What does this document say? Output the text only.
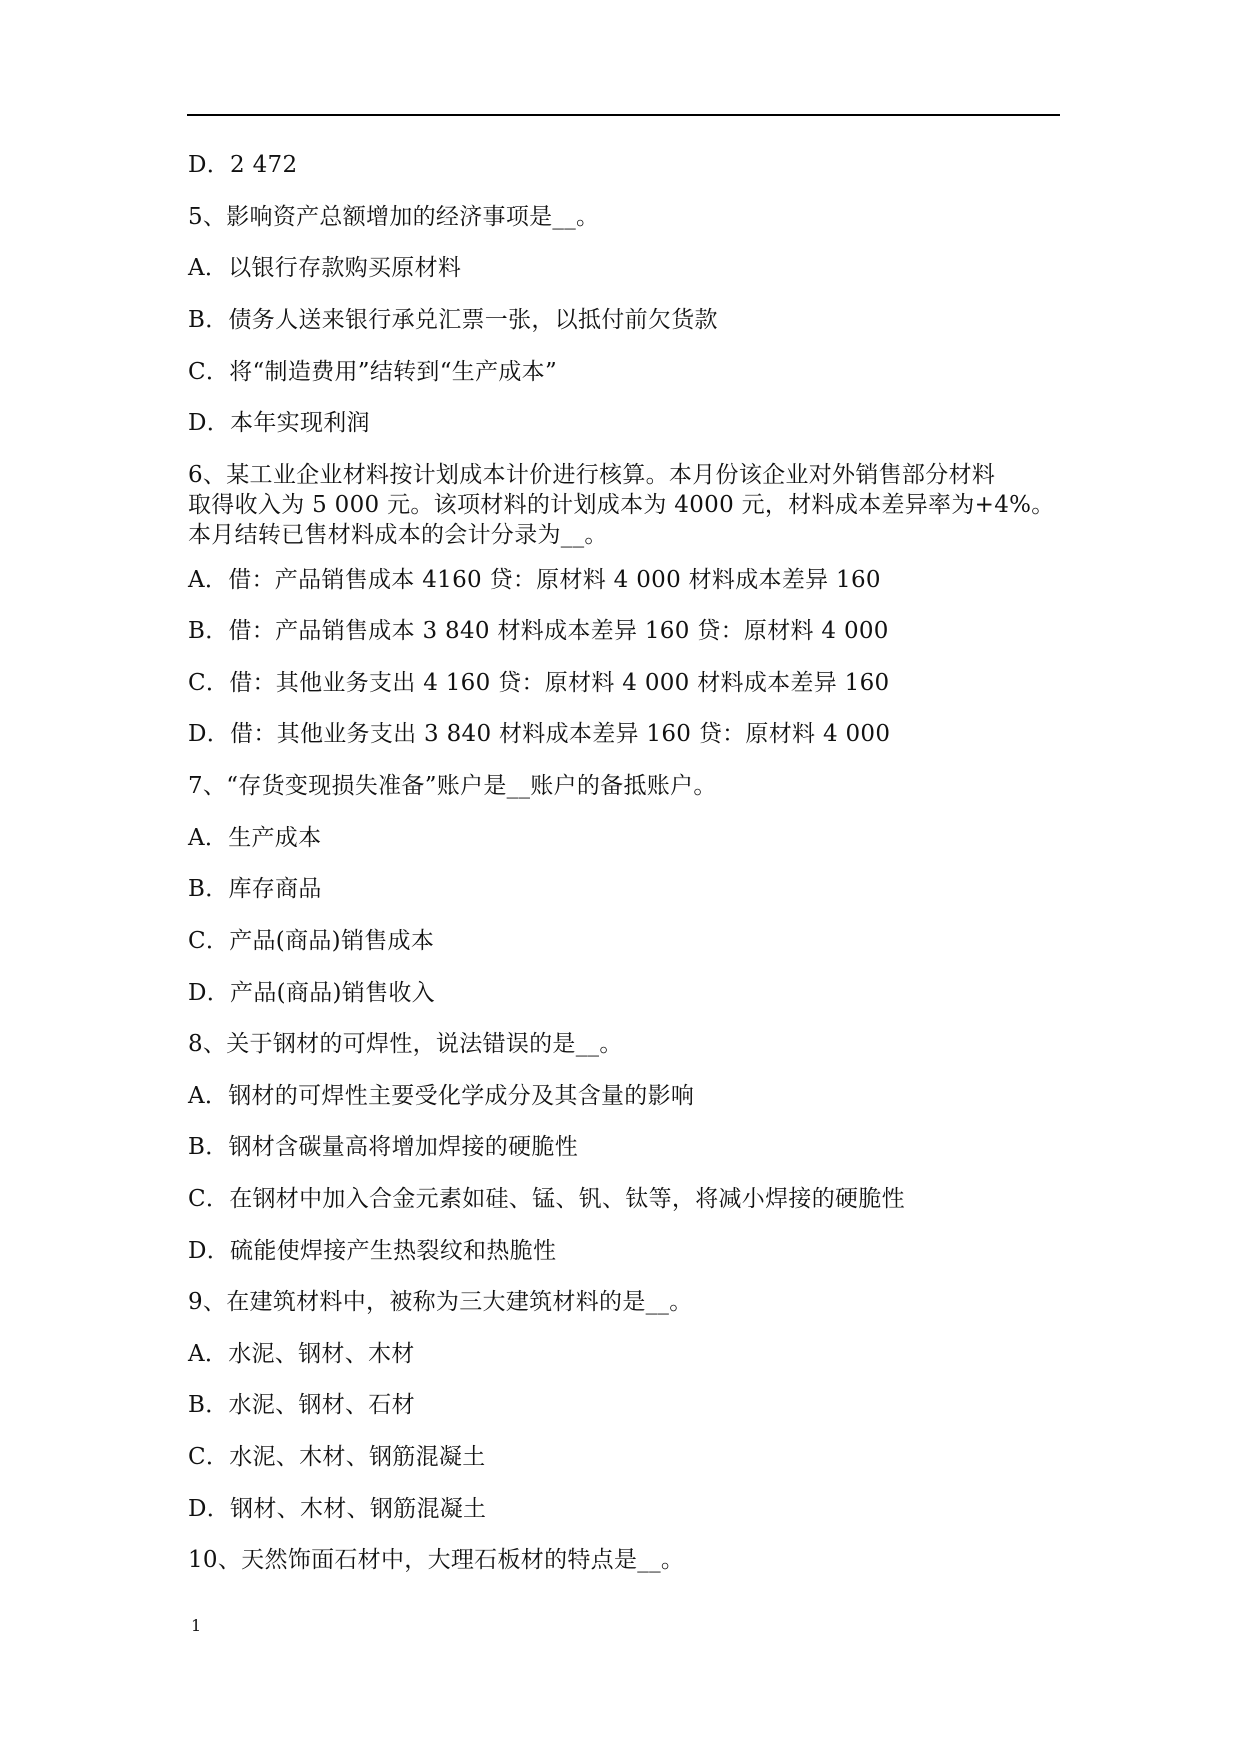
D．2 472
5、影响资产总额增加的经济事项是__。
A．以银行存款购买原材料
B．债务人送来银行承兑汇票一张，以抵付前欠货款
C．将“制造费用”结转到“生产成本”
D．本年实现利润
6、某工业企业材料按计划成本计价进行核算。本月份该企业对外销售部分材料
取得收入为 5 000 元。该项材料的计划成本为 4000 元，材料成本差异率为+4%。
本月结转已售材料成本的会计分录为__。
A．借：产品销售成本 4160 贷：原材料 4 000 材料成本差异 160
B．借：产品销售成本 3 840 材料成本差异 160 贷：原材料 4 000
C．借：其他业务支出 4 160 贷：原材料 4 000 材料成本差异 160
D．借：其他业务支出 3 840 材料成本差异 160 贷：原材料 4 000
7、“存货变现损失准备”账户是__账户的备抵账户。
A．生产成本
B．库存商品
C．产品(商品)销售成本
D．产品(商品)销售收入
8、关于钢材的可焊性，说法错误的是__。
A．钢材的可焊性主要受化学成分及其含量的影响
B．钢材含碳量高将增加焊接的硬脆性
C．在钢材中加入合金元素如硅、锰、钒、钛等，将减小焊接的硬脆性
D．硫能使焊接产生热裂纹和热脆性
9、在建筑材料中，被称为三大建筑材料的是__。
A．水泥、钢材、木材
B．水泥、钢材、石材
C．水泥、木材、钢筋混凝土
D．钢材、木材、钢筋混凝土
10、天然饰面石材中，大理石板材的特点是__。
1
